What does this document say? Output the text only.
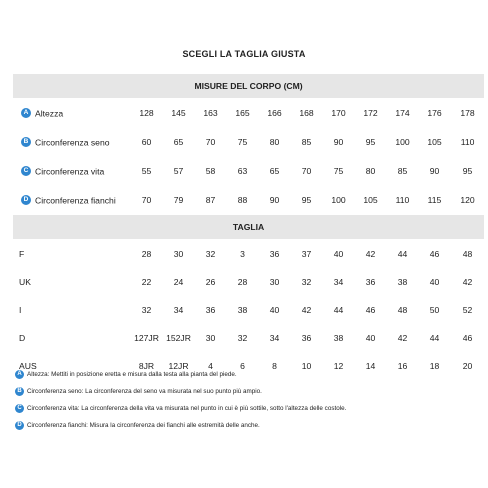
SCEGLI LA TAGLIA GIUSTA
MISURE DEL CORPO (CM)											
A Altezza	128	145	163	165	166	168	170	172	174	176	178
B Circonferenza seno	60	65	70	75	80	85	90	95	100	105	110
C Circonferenza vita	55	57	58	63	65	70	75	80	85	90	95
D Circonferenza fianchi	70	79	87	88	90	95	100	105	110	115	120
TAGLIA											
F	28	30	32	3	36	37	40	42	44	46	48
UK	22	24	26	28	30	32	34	36	38	40	42
I	32	34	36	38	40	42	44	46	48	50	52
D	127JR	152JR	30	32	34	36	38	40	42	44	46
AUS	8JR	12JR	4	6	8	10	12	14	16	18	20
A Altezza : Mettiti in posizione eretta e misura dalla testa alla pianta del piede.
B Circonferenza seno : La circonferenza del seno va misurata nel suo punto più ampio.
C Circonferenza vita : La circonferenza della vita va misurata nel punto in cui è più sottile, sotto l'altezza delle costole.
D Circonferenza fianchi : Misura la circonferenza dei fianchi alle estremità delle anche.
